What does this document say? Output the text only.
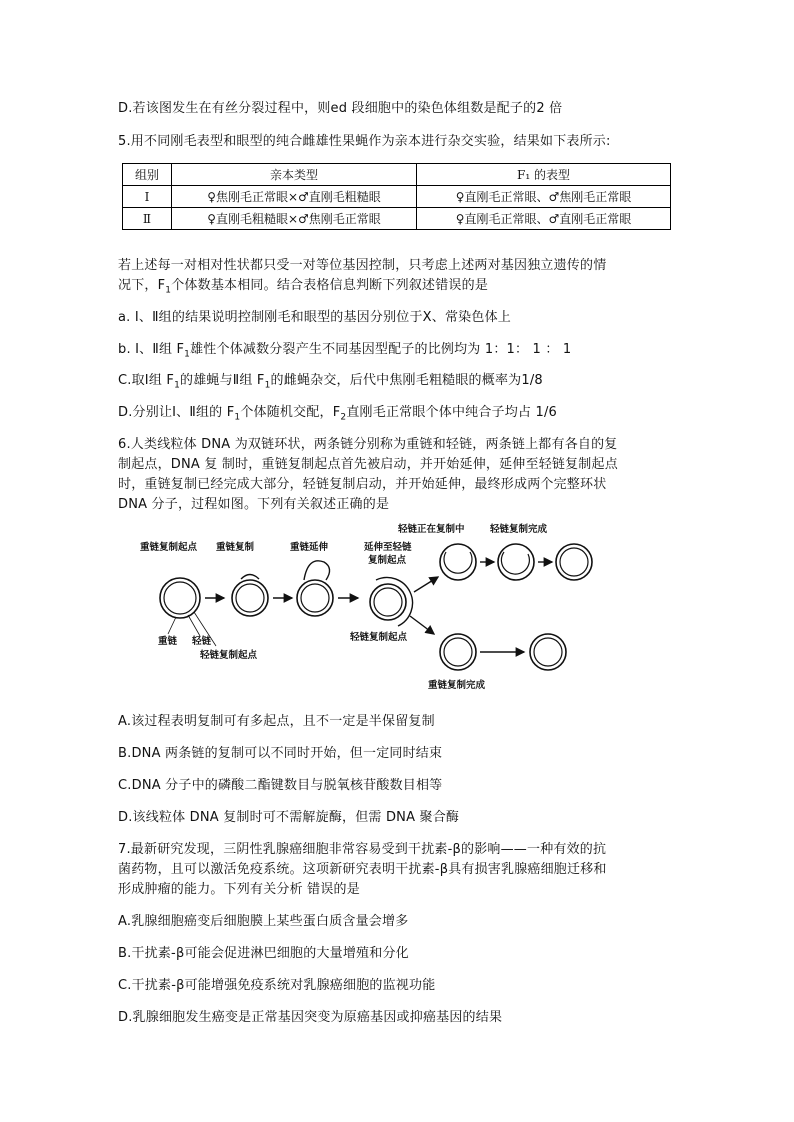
D.若该图发生在有丝分裂过程中，则ed 段细胞中的染色体组数是配子的2 倍
5.用不同刚毛表型和眼型的纯合雌雄性果蝇作为亲本进行杂交实验，结果如下表所示:
组别	亲本类型	F₁ 的表型
Ⅰ	♀焦刚毛正常眼×♂直刚毛粗糙眼	♀直刚毛正常眼、♂焦刚毛正常眼
Ⅱ	♀直刚毛粗糙眼×♂焦刚毛正常眼	♀直刚毛正常眼、♂直刚毛正常眼
若上述每一对相对性状都只受一对等位基因控制，只考虑上述两对基因独立遗传的情
况下，$F_1$个体数基本相同。结合表格信息判断下列叙述错误的是
a. Ⅰ、Ⅱ组的结果说明控制刚毛和眼型的基因分别位于X、常染色体上
b. Ⅰ、Ⅱ组 $F_1$雄性个体减数分裂产生不同基因型配子的比例均为 1：1： 1 ： 1
C.取Ⅰ组 $F_1$的雄蝇与Ⅱ组 $F_1$的雌蝇杂交，后代中焦刚毛粗糙眼的概率为1/8
D.分别让Ⅰ、Ⅱ组的 $F_1$个体随机交配，$F_2$直刚毛正常眼个体中纯合子均占 1/6
6.人类线粒体 DNA 为双链环状，两条链分别称为重链和轻链，两条链上都有各自的复
制起点，DNA 复 制时，重链复制起点首先被启动，并开始延伸，延伸至轻链复制起点
时，重链复制已经完成大部分，轻链复制启动，并开始延伸，最终形成两个完整环状
DNA 分子，过程如图。下列有关叙述正确的是
重链复制起点 重链复制	重链延伸	延伸至轻链
复制起点
轻链正在复制中	轻链复制完成
重链 轻链
轻链复制起点
轻链复制起点
重链复制完成
A.该过程表明复制可有多起点，且不一定是半保留复制
B.DNA 两条链的复制可以不同时开始，但一定同时结束
C.DNA 分子中的磷酸二酯键数目与脱氧核苷酸数目相等
D.该线粒体 DNA 复制时可不需解旋酶，但需 DNA 聚合酶
7.最新研究发现，三阴性乳腺癌细胞非常容易受到干扰素-β的影响——一种有效的抗
菌药物，且可以激活免疫系统。这项新研究表明干扰素-β具有损害乳腺癌细胞迁移和
形成肿瘤的能力。下列有关分析 错误的是
A.乳腺细胞癌变后细胞膜上某些蛋白质含量会增多
B.干扰素-β可能会促进淋巴细胞的大量增殖和分化
C.干扰素-β可能增强免疫系统对乳腺癌细胞的监视功能
D.乳腺细胞发生癌变是正常基因突变为原癌基因或抑癌基因的结果
